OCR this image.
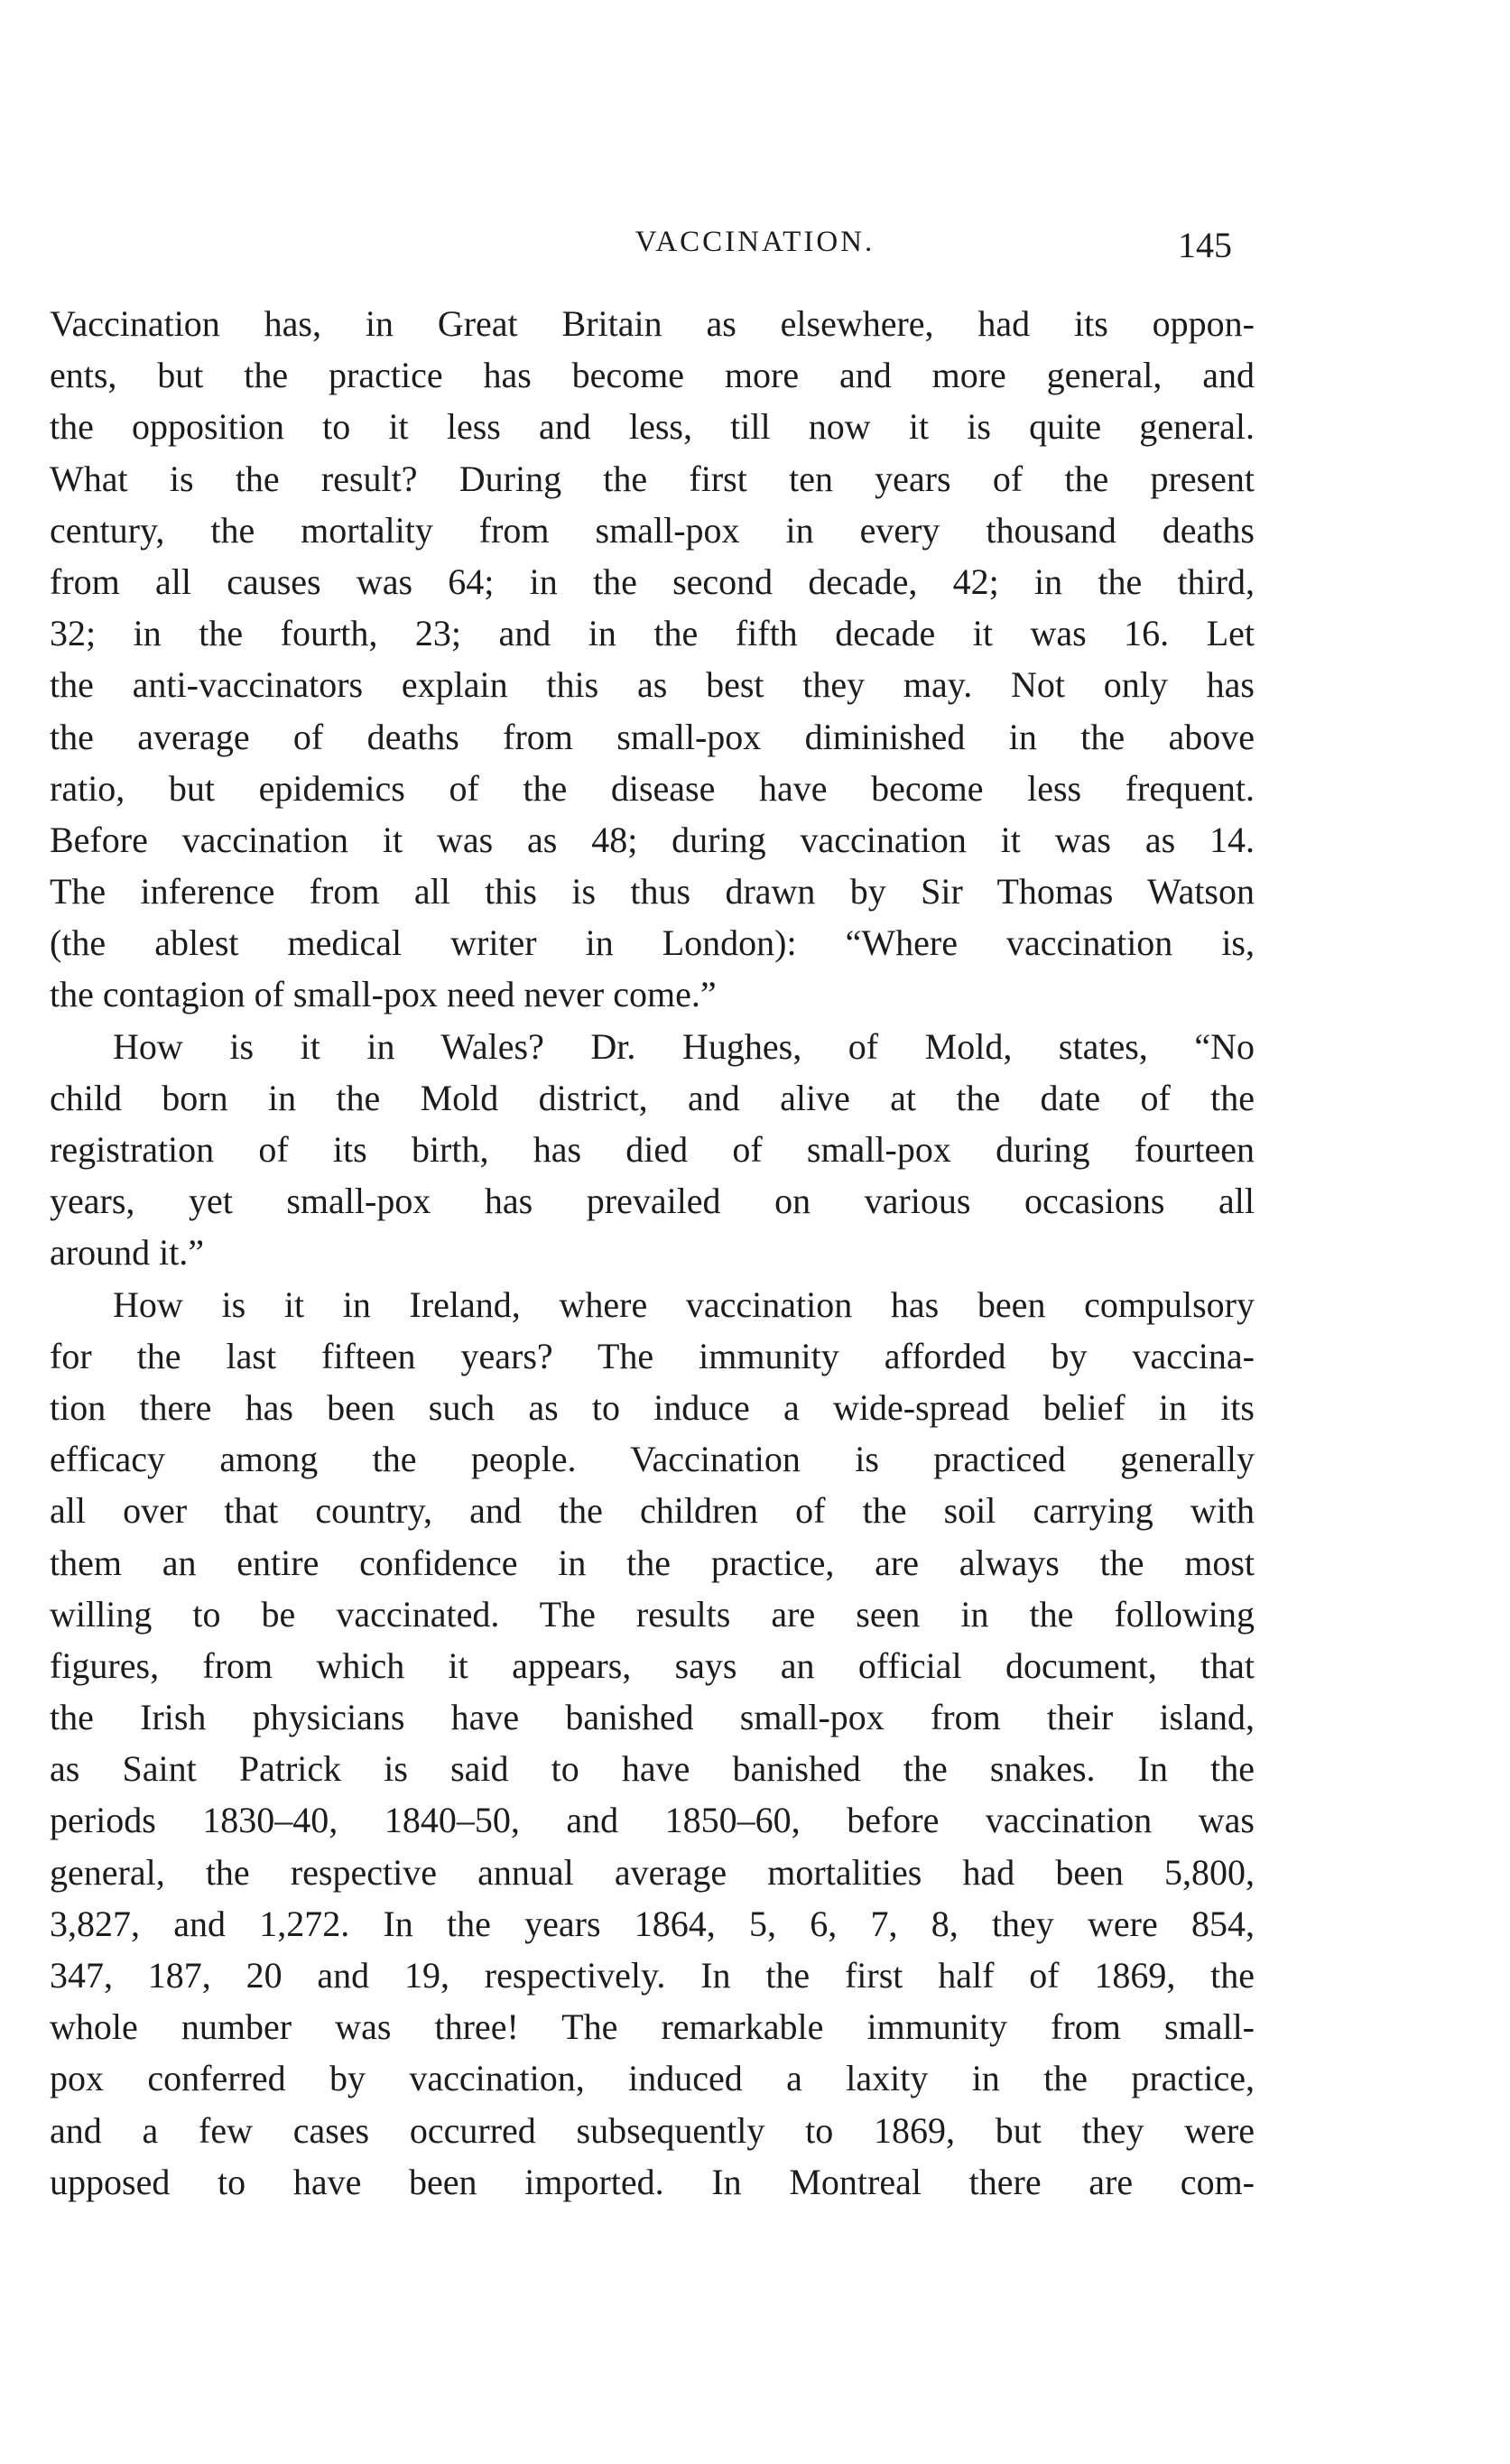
VACCINATION.	145
Vaccination has, in Great Britain as elsewhere, had its oppon-
ents, but the practice has become more and more general, and
the opposition to it less and less, till now it is quite general.
What is the result? During the first ten years of the present
century, the mortality from small-pox in every thousand deaths
from all causes was 64; in the second decade, 42; in the third,
32; in the fourth, 23; and in the fifth decade it was 16. Let
the anti-vaccinators explain this as best they may. Not only has
the average of deaths from small-pox diminished in the above
ratio, but epidemics of the disease have become less frequent.
Before vaccination it was as 48; during vaccination it was as 14.
The inference from all this is thus drawn by Sir Thomas Watson
(the ablest medical writer in London): “Where vaccination is,
the contagion of small-pox need never come.”
How is it in Wales? Dr. Hughes, of Mold, states, “No
child born in the Mold district, and alive at the date of the
registration of its birth, has died of small-pox during fourteen
years, yet small-pox has prevailed on various occasions all
around it.”
How is it in Ireland, where vaccination has been compulsory
for the last fifteen years? The immunity afforded by vaccina-
tion there has been such as to induce a wide-spread belief in its
efficacy among the people. Vaccination is practiced generally
all over that country, and the children of the soil carrying with
them an entire confidence in the practice, are always the most
willing to be vaccinated. The results are seen in the following
figures, from which it appears, says an official document, that
the Irish physicians have banished small-pox from their island,
as Saint Patrick is said to have banished the snakes. In the
periods 1830–40, 1840–50, and 1850–60, before vaccination was
general, the respective annual average mortalities had been 5,800,
3,827, and 1,272. In the years 1864, 5, 6, 7, 8, they were 854,
347, 187, 20 and 19, respectively. In the first half of 1869, the
whole number was three! The remarkable immunity from small-
pox conferred by vaccination, induced a laxity in the practice,
and a few cases occurred subsequently to 1869, but they were
upposed to have been imported. In Montreal there are com-
